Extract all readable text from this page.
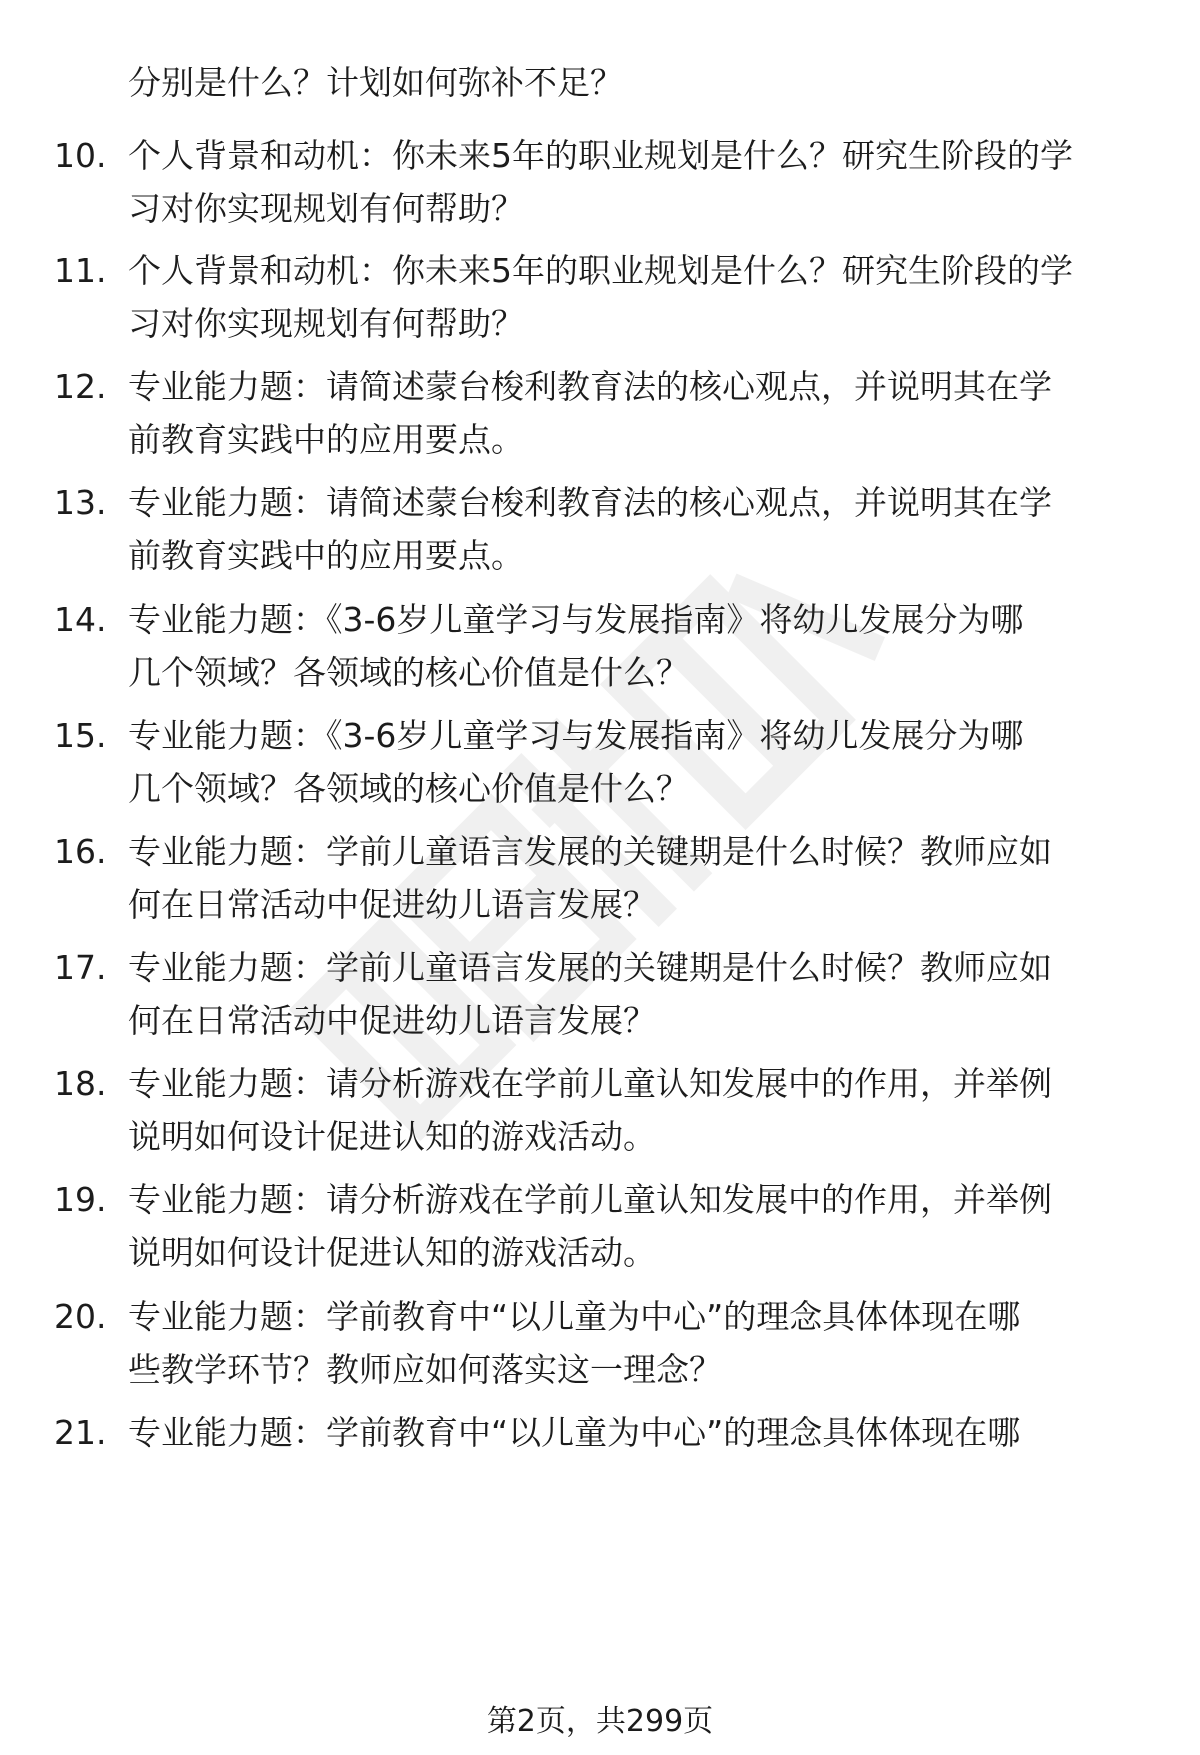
分别是什么？计划如何弥补不足？
10. 个人背景和动机：你未来5年的职业规划是什么？研究生阶段的学
习对你实现规划有何帮助？
11. 个人背景和动机：你未来5年的职业规划是什么？研究生阶段的学
习对你实现规划有何帮助？
12. 专业能力题：请简述蒙台梭利教育法的核心观点，并说明其在学
前教育实践中的应用要点。
13. 专业能力题：请简述蒙台梭利教育法的核心观点，并说明其在学
前教育实践中的应用要点。
14. 专业能力题：《3-6岁儿童学习与发展指南》将幼儿发展分为哪
几个领域？各领域的核心价值是什么？
15. 专业能力题：《3-6岁儿童学习与发展指南》将幼儿发展分为哪
几个领域？各领域的核心价值是什么？
16. 专业能力题：学前儿童语言发展的关键期是什么时候？教师应如
何在日常活动中促进幼儿语言发展？
17. 专业能力题：学前儿童语言发展的关键期是什么时候？教师应如
何在日常活动中促进幼儿语言发展？
18. 专业能力题：请分析游戏在学前儿童认知发展中的作用，并举例
说明如何设计促进认知的游戏活动。
19. 专业能力题：请分析游戏在学前儿童认知发展中的作用，并举例
说明如何设计促进认知的游戏活动。
20. 专业能力题：学前教育中“以儿童为中心”的理念具体体现在哪
些教学环节？教师应如何落实这一理念？
21. 专业能力题：学前教育中“以儿童为中心”的理念具体体现在哪
第2页，共299页
